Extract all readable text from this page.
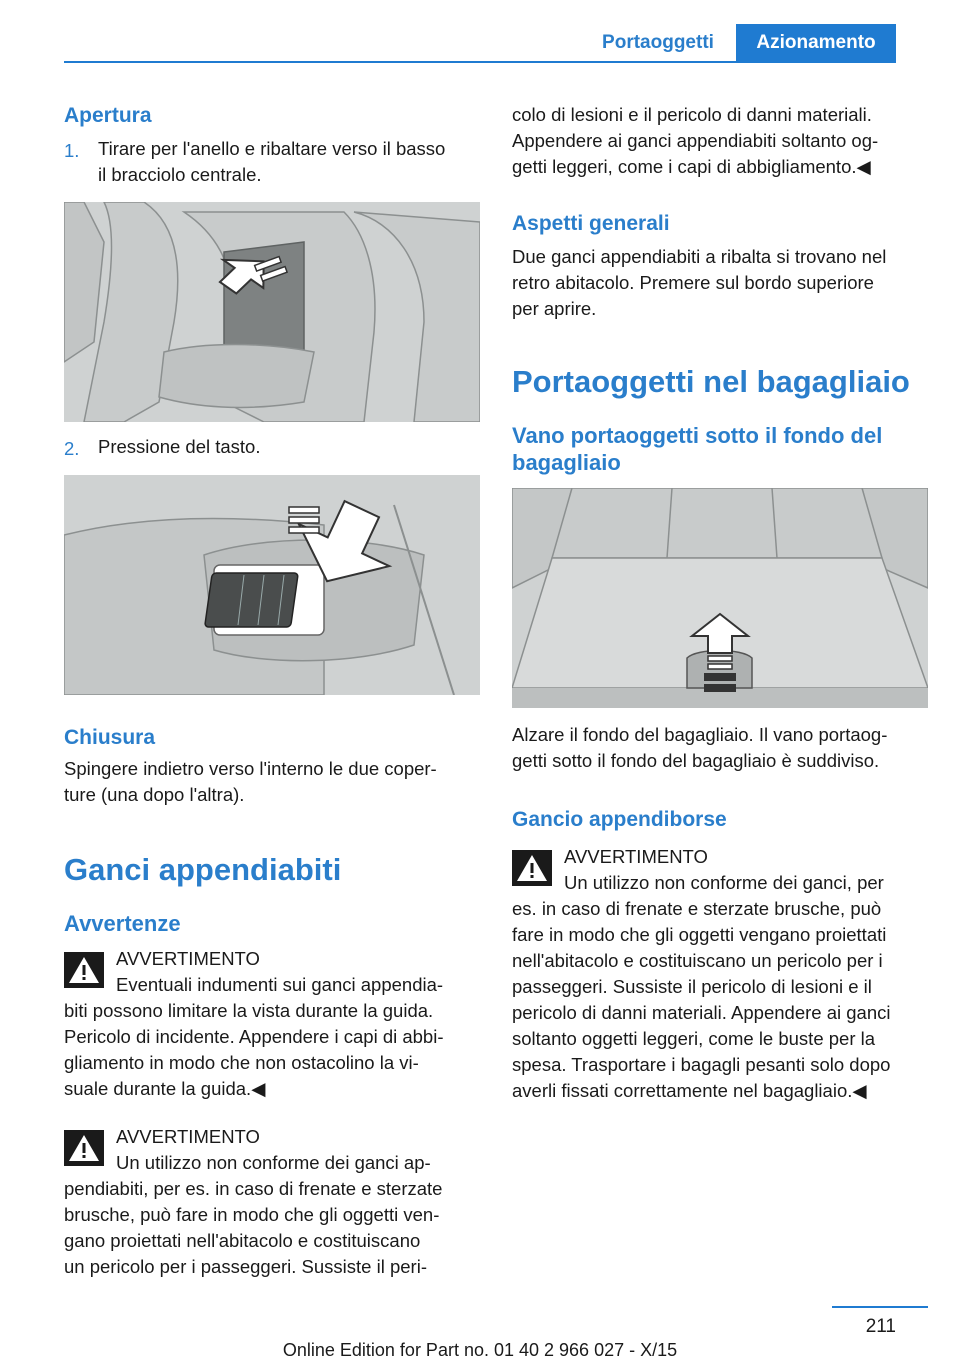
Portaoggetti	Azionamento
Apertura
1. Tirare per l'anello e ribaltare verso il basso
il bracciolo centrale.
2. Pressione del tasto.
Chiusura
Spingere indietro verso l'interno le due coper-
ture (una dopo l'altra).
Ganci appendiabiti
Avvertenze
AVVERTIMENTO
Eventuali indumenti sui ganci appendia-
biti possono limitare la vista durante la guida.
Pericolo di incidente. Appendere i capi di abbi-
gliamento in modo che non ostacolino la vi-
suale durante la guida.◀
AVVERTIMENTO
Un utilizzo non conforme dei ganci ap-
pendiabiti, per es. in caso di frenate e sterzate
brusche, può fare in modo che gli oggetti ven-
gano proiettati nell'abitacolo e costituiscano
un pericolo per i passeggeri. Sussiste il peri-
colo di lesioni e il pericolo di danni materiali.
Appendere ai ganci appendiabiti soltanto og-
getti leggeri, come i capi di abbigliamento.◀
Aspetti generali
Due ganci appendiabiti a ribalta si trovano nel
retro abitacolo. Premere sul bordo superiore
per aprire.
Portaoggetti nel bagagliaio
Vano portaoggetti sotto il fondo del
bagagliaio
Alzare il fondo del bagagliaio. Il vano portaog-
getti sotto il fondo del bagagliaio è suddiviso.
Gancio appendiborse
AVVERTIMENTO
Un utilizzo non conforme dei ganci, per
es. in caso di frenate e sterzate brusche, può
fare in modo che gli oggetti vengano proiettati
nell'abitacolo e costituiscano un pericolo per i
passeggeri. Sussiste il pericolo di lesioni e il
pericolo di danni materiali. Appendere ai ganci
soltanto oggetti leggeri, come le buste per la
spesa. Trasportare i bagagli pesanti solo dopo
averli fissati correttamente nel bagagliaio.◀
211
Online Edition for Part no. 01 40 2 966 027 - X/15
